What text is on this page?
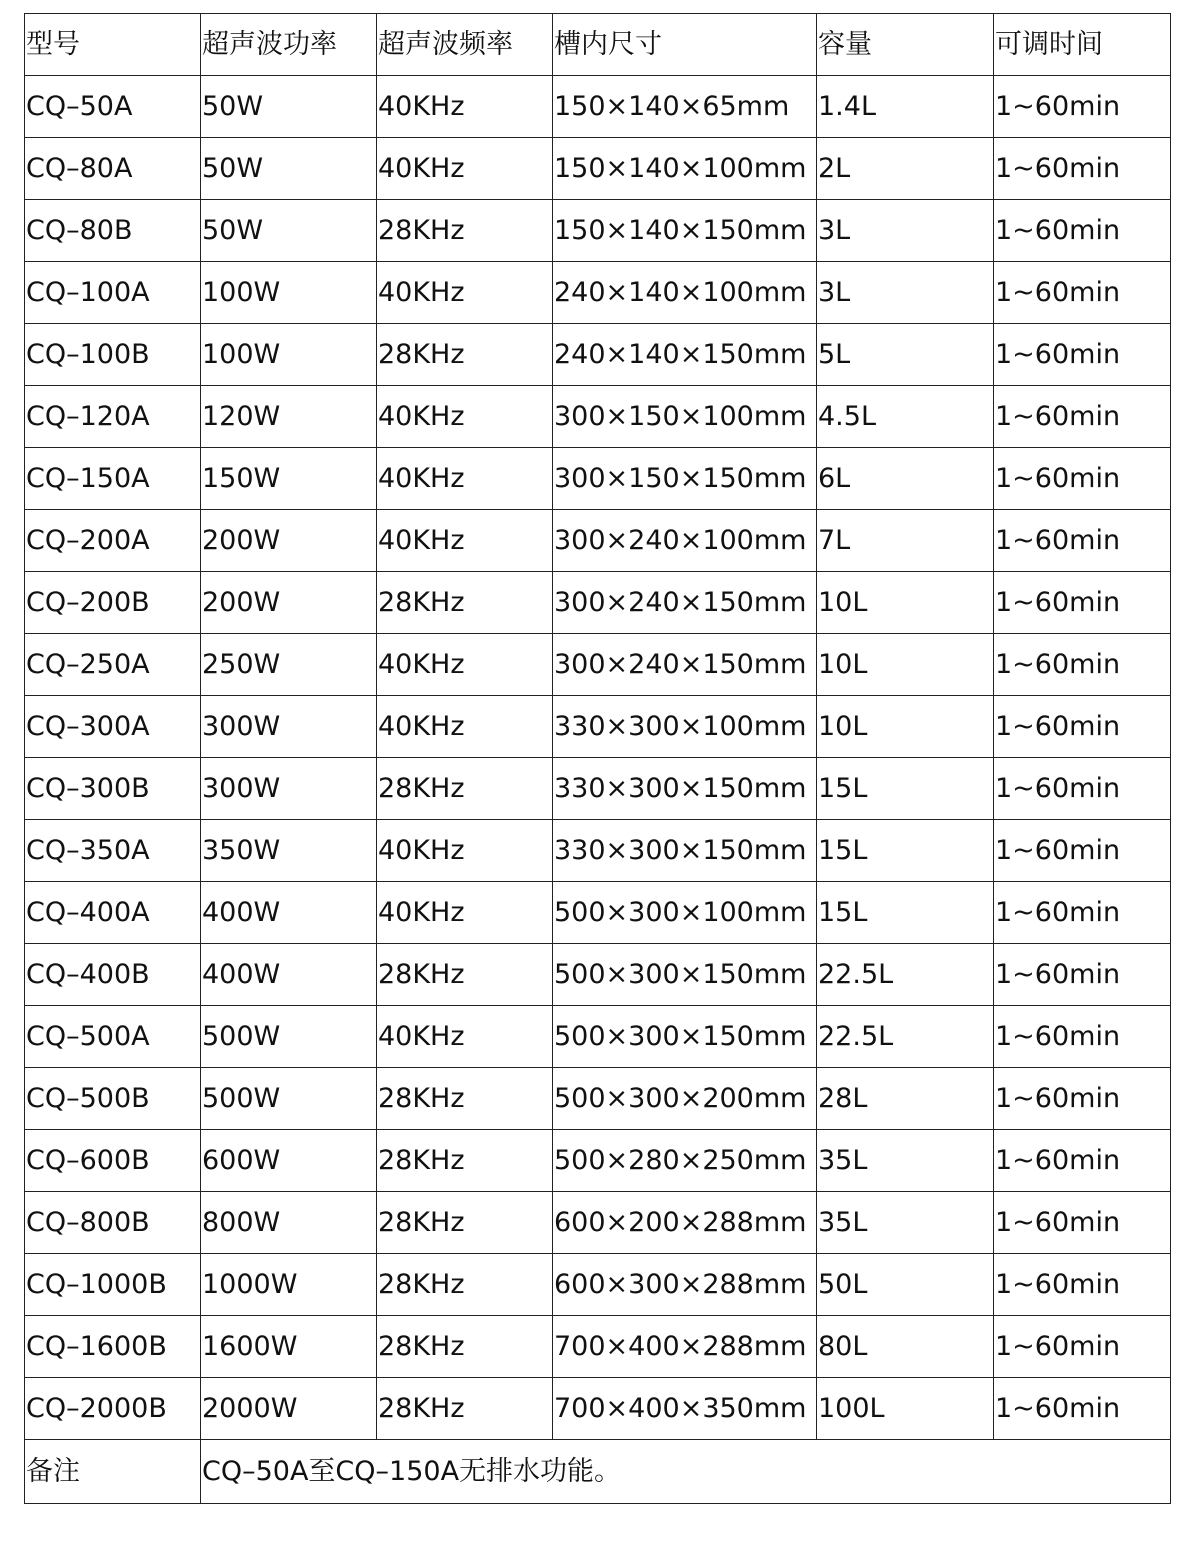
型号	超声波功率	超声波频率	槽内尺寸	容量	可调时间
CQ–50A	50W	40KHz	150×140×65mm	1.4L	1~60min
CQ–80A	50W	40KHz	150×140×100mm	2L	1~60min
CQ–80B	50W	28KHz	150×140×150mm	3L	1~60min
CQ–100A	100W	40KHz	240×140×100mm	3L	1~60min
CQ–100B	100W	28KHz	240×140×150mm	5L	1~60min
CQ–120A	120W	40KHz	300×150×100mm	4.5L	1~60min
CQ–150A	150W	40KHz	300×150×150mm	6L	1~60min
CQ–200A	200W	40KHz	300×240×100mm	7L	1~60min
CQ–200B	200W	28KHz	300×240×150mm	10L	1~60min
CQ–250A	250W	40KHz	300×240×150mm	10L	1~60min
CQ–300A	300W	40KHz	330×300×100mm	10L	1~60min
CQ–300B	300W	28KHz	330×300×150mm	15L	1~60min
CQ–350A	350W	40KHz	330×300×150mm	15L	1~60min
CQ–400A	400W	40KHz	500×300×100mm	15L	1~60min
CQ–400B	400W	28KHz	500×300×150mm	22.5L	1~60min
CQ–500A	500W	40KHz	500×300×150mm	22.5L	1~60min
CQ–500B	500W	28KHz	500×300×200mm	28L	1~60min
CQ–600B	600W	28KHz	500×280×250mm	35L	1~60min
CQ–800B	800W	28KHz	600×200×288mm	35L	1~60min
CQ–1000B	1000W	28KHz	600×300×288mm	50L	1~60min
CQ–1600B	1600W	28KHz	700×400×288mm	80L	1~60min
CQ–2000B	2000W	28KHz	700×400×350mm	100L	1~60min
备注	CQ–50A至CQ–150A无排水功能。				
